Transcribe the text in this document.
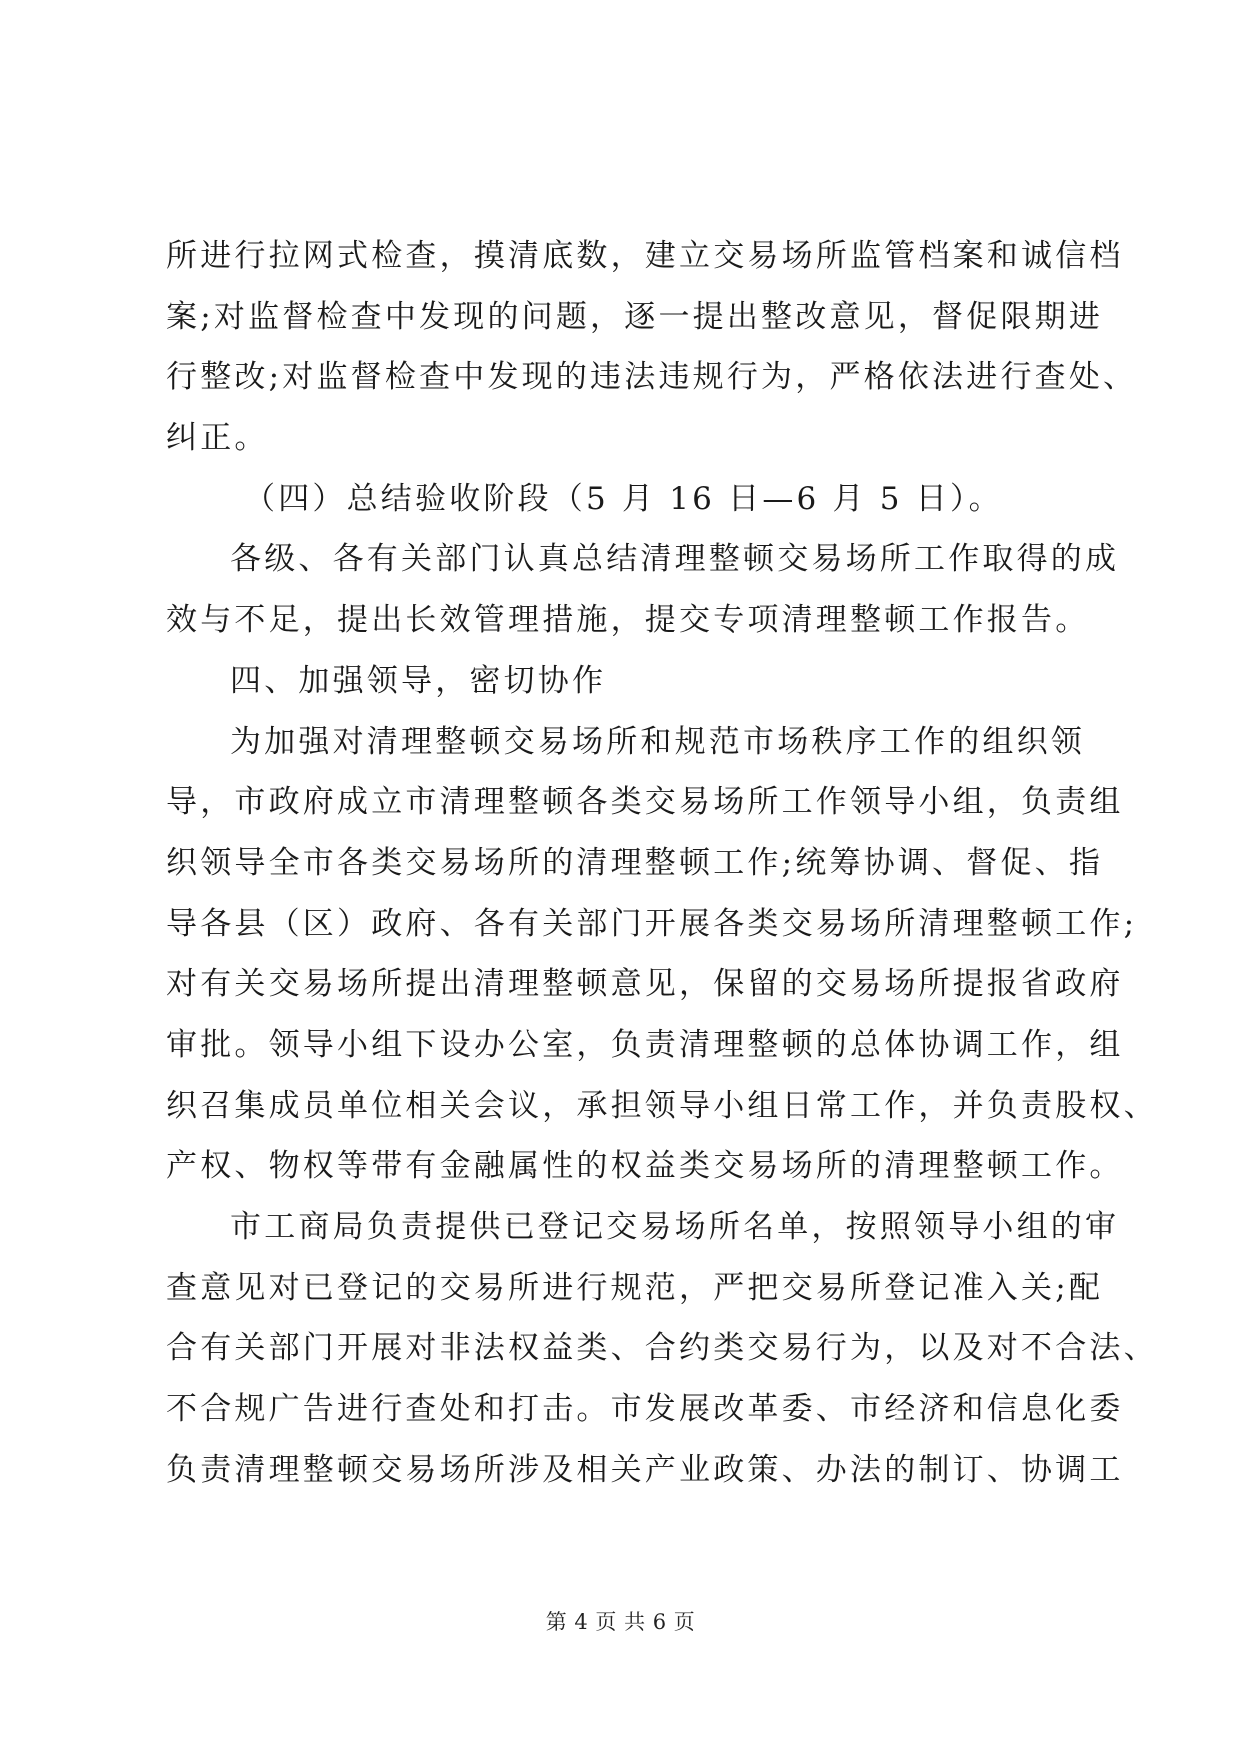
所进行拉网式检查，摸清底数，建立交易场所监管档案和诚信档
案;对监督检查中发现的问题，逐一提出整改意见，督促限期进
行整改;对监督检查中发现的违法违规行为，严格依法进行查处、
纠正。
（四）总结验收阶段（5 月 16 日—6 月 5 日）。
各级、各有关部门认真总结清理整顿交易场所工作取得的成
效与不足，提出长效管理措施，提交专项清理整顿工作报告。
四、加强领导，密切协作
为加强对清理整顿交易场所和规范市场秩序工作的组织领
导，市政府成立市清理整顿各类交易场所工作领导小组，负责组
织领导全市各类交易场所的清理整顿工作;统筹协调、督促、指
导各县（区）政府、各有关部门开展各类交易场所清理整顿工作;
对有关交易场所提出清理整顿意见，保留的交易场所提报省政府
审批。领导小组下设办公室，负责清理整顿的总体协调工作，组
织召集成员单位相关会议，承担领导小组日常工作，并负责股权、
产权、物权等带有金融属性的权益类交易场所的清理整顿工作。
市工商局负责提供已登记交易场所名单，按照领导小组的审
查意见对已登记的交易所进行规范，严把交易所登记准入关;配
合有关部门开展对非法权益类、合约类交易行为，以及对不合法、
不合规广告进行查处和打击。市发展改革委、市经济和信息化委
负责清理整顿交易场所涉及相关产业政策、办法的制订、协调工
第 4 页 共 6 页
